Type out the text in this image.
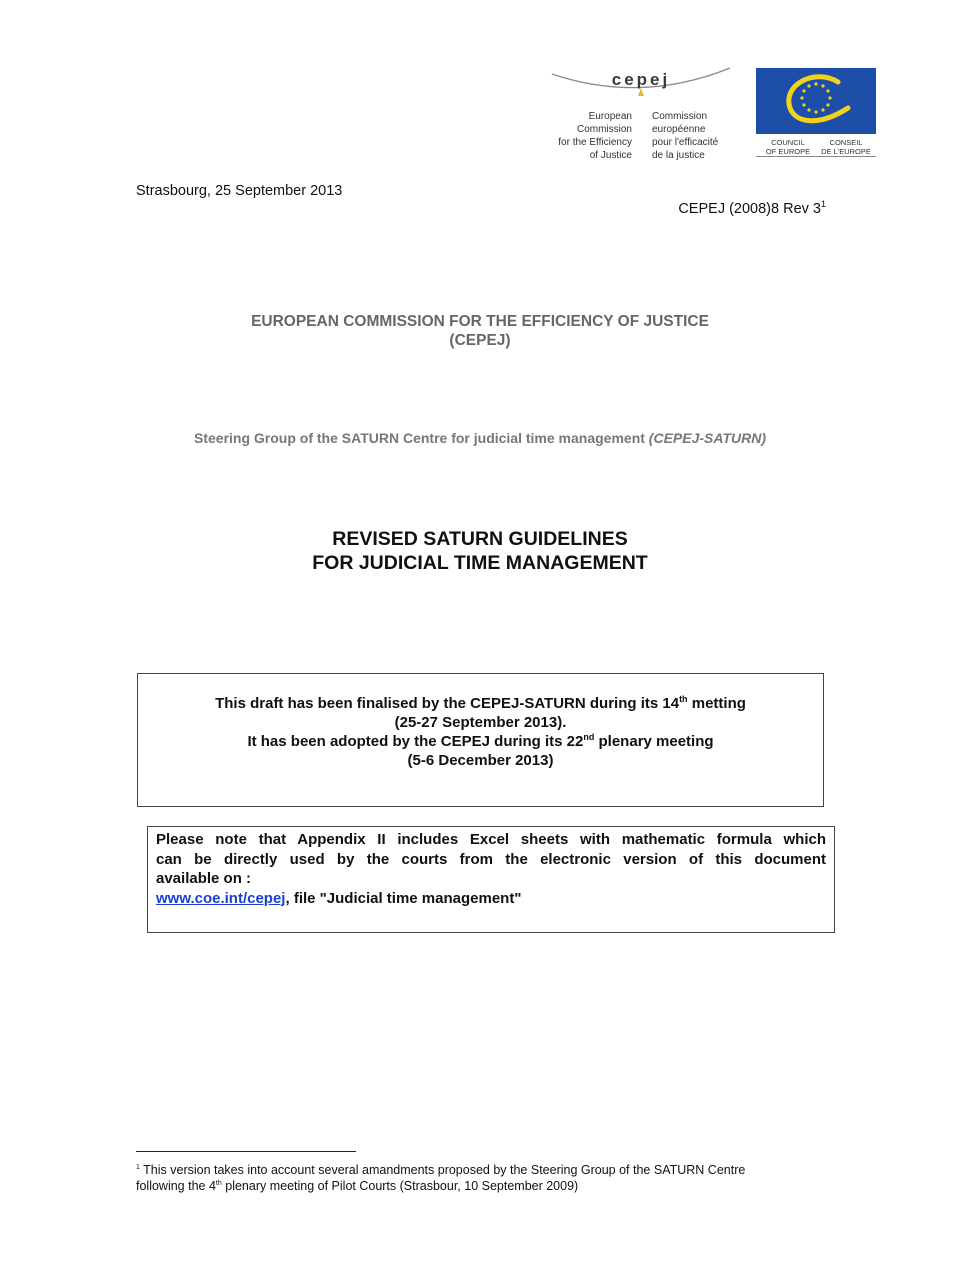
cepej
European
Commission
for the Efficiency
of Justice
Commission
européenne
pour l'efficacité
de la justice
COUNCIL
OF EUROPE
CONSEIL
DE L'EUROPE
Strasbourg, 25 September 2013
CEPEJ (2008)8 Rev $3^1$
EUROPEAN COMMISSION FOR THE EFFICIENCY OF JUSTICE
(CEPEJ)
Steering Group of the SATURN Centre for judicial time management (CEPEJ-SATURN)
REVISED SATURN GUIDELINES
FOR JUDICIAL TIME MANAGEMENT
This draft has been finalised by the CEPEJ-SATURN during its 14th metting
(25-27 September 2013).
It has been adopted by the CEPEJ during its 22nd plenary meeting
(5-6 December 2013)
Please note that Appendix II includes Excel sheets with mathematic formula which
can be directly used by the courts from the electronic version of this document
available on :
www.coe.int/cepej, file "Judicial time management"
$^1$ This version takes into account several amandments proposed by the Steering Group of the SATURN Centre
following the 4th plenary meeting of Pilot Courts (Strasbour, 10 September 2009)
